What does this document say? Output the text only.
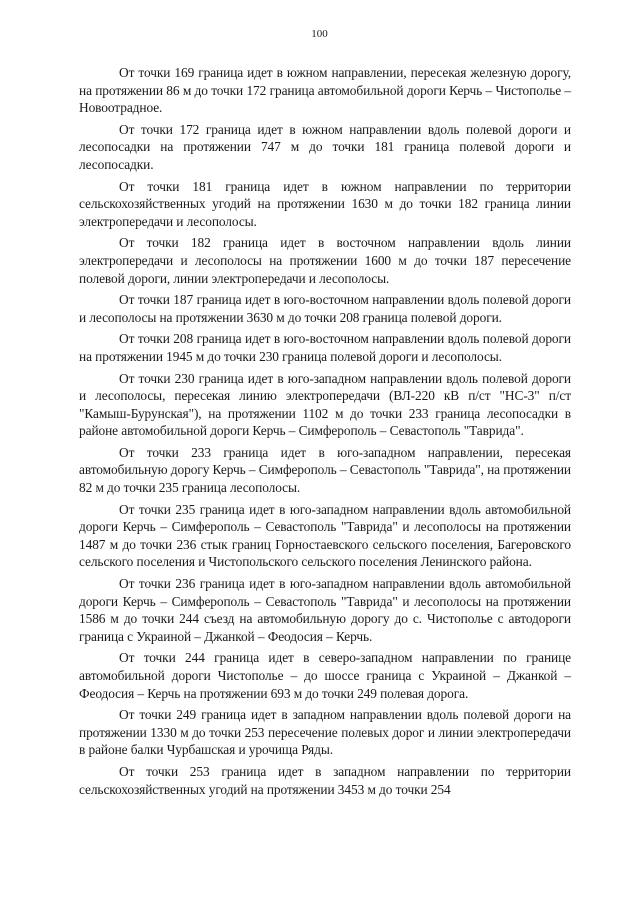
100

От точки 169 граница идет в южном направлении, пересекая железную дорогу, на протяжении 86 м до точки 172 граница автомобильной дороги Керчь – Чистополье – Новоотрадное.

От точки 172 граница идет в южном направлении вдоль полевой дороги и лесопосадки на протяжении 747 м до точки 181 граница полевой дороги и лесопосадки.

От точки 181 граница идет в южном направлении по территории сельскохозяйственных угодий на протяжении 1630 м до точки 182 граница линии электропередачи и лесополосы.

От точки 182 граница идет в восточном направлении вдоль линии электропередачи и лесополосы на протяжении 1600 м до точки 187 пересечение полевой дороги, линии электропередачи и лесополосы.

От точки 187 граница идет в юго-восточном направлении вдоль полевой дороги и лесополосы на протяжении 3630 м до точки 208 граница полевой дороги.

От точки 208 граница идет в юго-восточном направлении вдоль полевой дороги на протяжении 1945 м до точки 230 граница полевой дороги и лесополосы.

От точки 230 граница идет в юго-западном направлении вдоль полевой дороги и лесополосы, пересекая линию электропередачи (ВЛ-220 кВ п/ст "НС-3" п/ст "Камыш-Бурунская"), на протяжении 1102 м до точки 233 граница лесопосадки в районе автомобильной дороги Керчь – Симферополь – Севастополь "Таврида".

От точки 233 граница идет в юго-западном направлении, пересекая автомобильную дорогу Керчь – Симферополь – Севастополь "Таврида", на протяжении 82 м до точки 235 граница лесополосы.

От точки 235 граница идет в юго-западном направлении вдоль автомобильной дороги Керчь – Симферополь – Севастополь "Таврида" и лесополосы на протяжении 1487 м до точки 236 стык границ Горностаевского сельского поселения, Багеровского сельского поселения и Чистопольского сельского поселения Ленинского района.

От точки 236 граница идет в юго-западном направлении вдоль автомобильной дороги Керчь – Симферополь – Севастополь "Таврида" и лесополосы на протяжении 1586 м до точки 244 съезд на автомобильную дорогу до с. Чистополье с автодороги граница с Украиной – Джанкой – Феодосия – Керчь.

От точки 244 граница идет в северо-западном направлении по границе автомобильной дороги Чистополье – до шоссе граница с Украиной – Джанкой – Феодосия – Керчь на протяжении 693 м до точки 249 полевая дорога.

От точки 249 граница идет в западном направлении вдоль полевой дороги на протяжении 1330 м до точки 253 пересечение полевых дорог и линии электропередачи в районе балки Чурбашская и урочища Ряды.

От точки 253 граница идет в западном направлении по территории сельскохозяйственных угодий на протяжении 3453 м до точки 254
